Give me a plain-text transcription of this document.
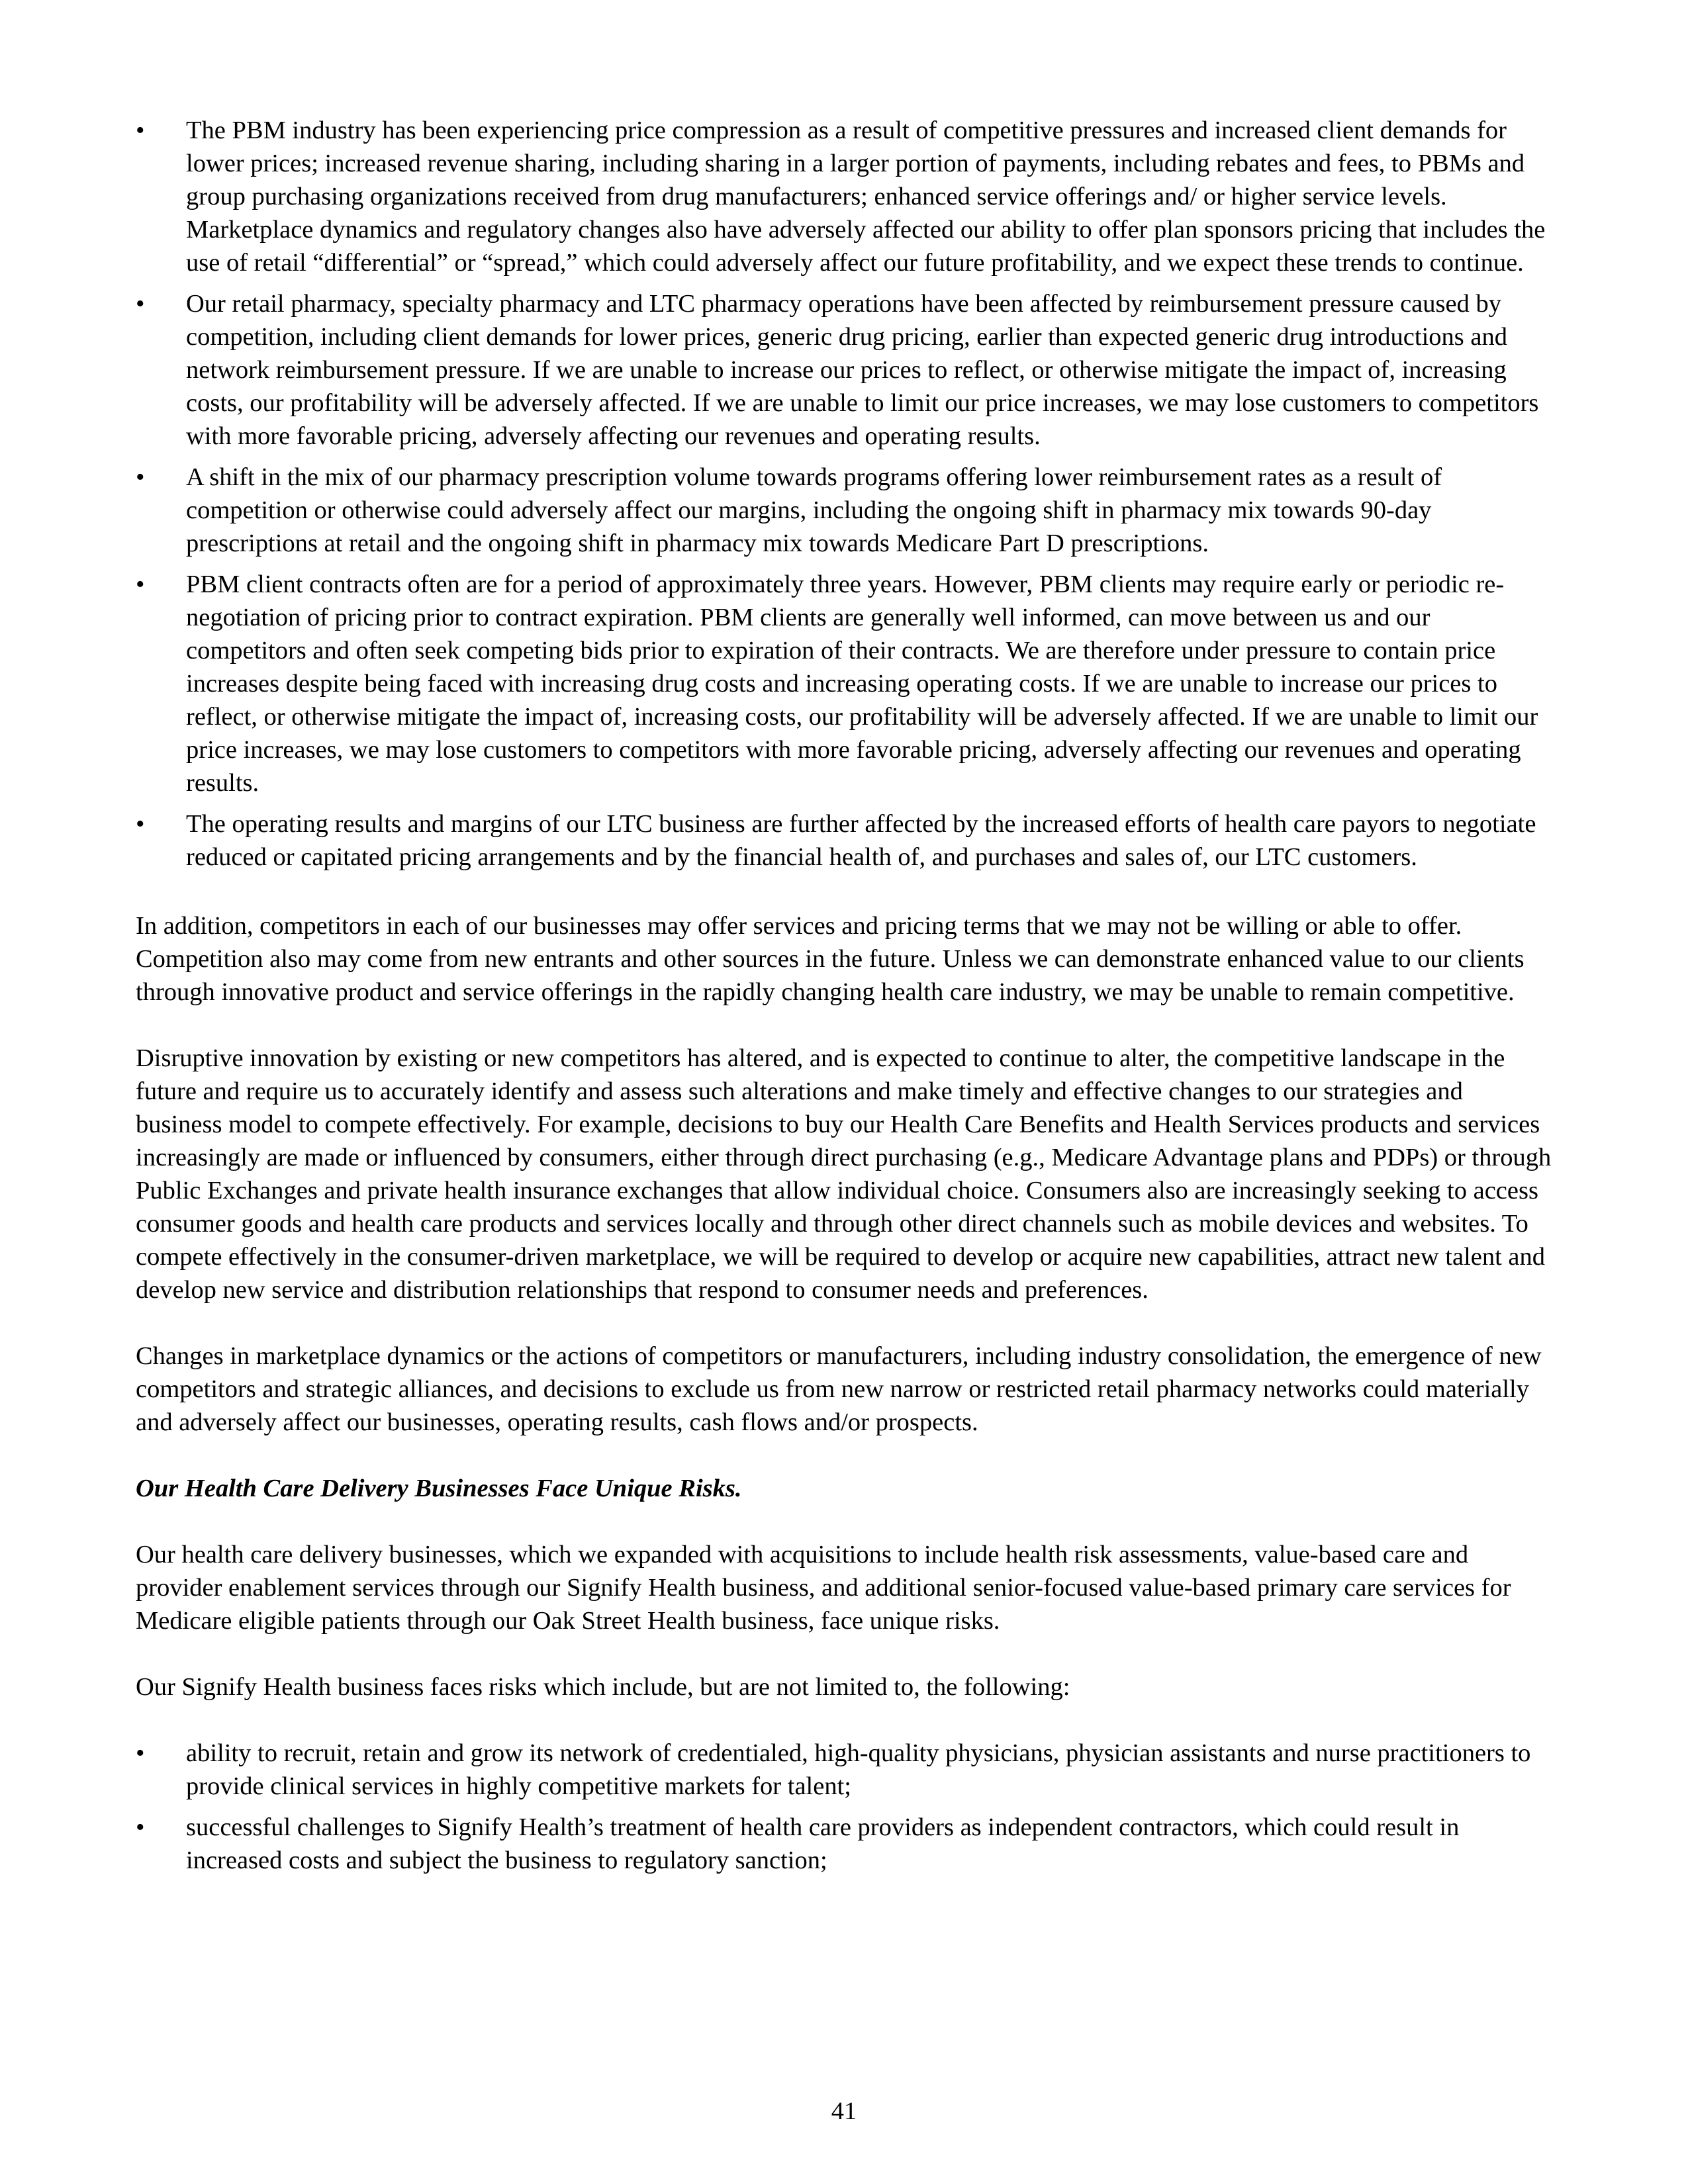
• The PBM industry has been experiencing price compression as a result of competitive pressures and increased client demands for lower prices; increased revenue sharing, including sharing in a larger portion of payments, including rebates and fees, to PBMs and group purchasing organizations received from drug manufacturers; enhanced service offerings and/ or higher service levels. Marketplace dynamics and regulatory changes also have adversely affected our ability to offer plan sponsors pricing that includes the use of retail “differential” or “spread,” which could adversely affect our future profitability, and we expect these trends to continue.
• Our retail pharmacy, specialty pharmacy and LTC pharmacy operations have been affected by reimbursement pressure caused by competition, including client demands for lower prices, generic drug pricing, earlier than expected generic drug introductions and network reimbursement pressure. If we are unable to increase our prices to reflect, or otherwise mitigate the impact of, increasing costs, our profitability will be adversely affected. If we are unable to limit our price increases, we may lose customers to competitors with more favorable pricing, adversely affecting our revenues and operating results.
• A shift in the mix of our pharmacy prescription volume towards programs offering lower reimbursement rates as a result of competition or otherwise could adversely affect our margins, including the ongoing shift in pharmacy mix towards 90-day prescriptions at retail and the ongoing shift in pharmacy mix towards Medicare Part D prescriptions.
• PBM client contracts often are for a period of approximately three years. However, PBM clients may require early or periodic re-negotiation of pricing prior to contract expiration. PBM clients are generally well informed, can move between us and our competitors and often seek competing bids prior to expiration of their contracts. We are therefore under pressure to contain price increases despite being faced with increasing drug costs and increasing operating costs. If we are unable to increase our prices to reflect, or otherwise mitigate the impact of, increasing costs, our profitability will be adversely affected. If we are unable to limit our price increases, we may lose customers to competitors with more favorable pricing, adversely affecting our revenues and operating results.
• The operating results and margins of our LTC business are further affected by the increased efforts of health care payors to negotiate reduced or capitated pricing arrangements and by the financial health of, and purchases and sales of, our LTC customers.

In addition, competitors in each of our businesses may offer services and pricing terms that we may not be willing or able to offer. Competition also may come from new entrants and other sources in the future. Unless we can demonstrate enhanced value to our clients through innovative product and service offerings in the rapidly changing health care industry, we may be unable to remain competitive.

Disruptive innovation by existing or new competitors has altered, and is expected to continue to alter, the competitive landscape in the future and require us to accurately identify and assess such alterations and make timely and effective changes to our strategies and business model to compete effectively. For example, decisions to buy our Health Care Benefits and Health Services products and services increasingly are made or influenced by consumers, either through direct purchasing (e.g., Medicare Advantage plans and PDPs) or through Public Exchanges and private health insurance exchanges that allow individual choice. Consumers also are increasingly seeking to access consumer goods and health care products and services locally and through other direct channels such as mobile devices and websites. To compete effectively in the consumer-driven marketplace, we will be required to develop or acquire new capabilities, attract new talent and develop new service and distribution relationships that respond to consumer needs and preferences.

Changes in marketplace dynamics or the actions of competitors or manufacturers, including industry consolidation, the emergence of new competitors and strategic alliances, and decisions to exclude us from new narrow or restricted retail pharmacy networks could materially and adversely affect our businesses, operating results, cash flows and/or prospects.

Our Health Care Delivery Businesses Face Unique Risks.

Our health care delivery businesses, which we expanded with acquisitions to include health risk assessments, value-based care and provider enablement services through our Signify Health business, and additional senior-focused value-based primary care services for Medicare eligible patients through our Oak Street Health business, face unique risks.

Our Signify Health business faces risks which include, but are not limited to, the following:

• ability to recruit, retain and grow its network of credentialed, high-quality physicians, physician assistants and nurse practitioners to provide clinical services in highly competitive markets for talent;
• successful challenges to Signify Health’s treatment of health care providers as independent contractors, which could result in increased costs and subject the business to regulatory sanction;
41
